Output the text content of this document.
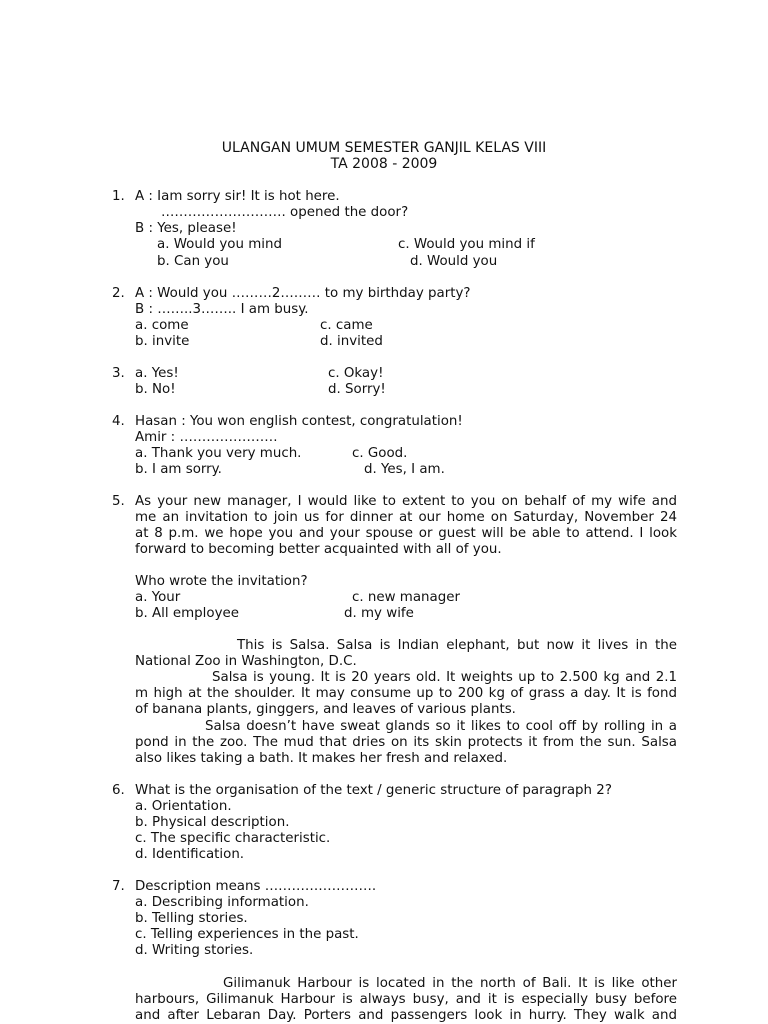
ULANGAN UMUM SEMESTER GANJIL KELAS VIII
TA 2008 - 2009
1. A : Iam sorry sir! It is hot here.
………………………. opened the door?
B : Yes, please!
a. Would you mind	c. Would you mind if
b. Can you	d. Would you
2. A : Would you ………2……… to my birthday party?
B : ……..3…….. I am busy.
a. come	c. came
b. invite	d. invited
3. a. Yes!	c. Okay!
b. No!	d. Sorry!
4. Hasan : You won english contest, congratulation!
Amir : ………………….
a. Thank you very much.	c. Good.
b. I am sorry.	d. Yes, I am.
5. As your new manager, I would like to extent to you on behalf of my wife and
me an invitation to join us for dinner at our home on Saturday, November 24
at 8 p.m. we hope you and your spouse or guest will be able to attend. I look
forward to becoming better acquainted with all of you.
Who wrote the invitation?
a. Your	c. new manager
b. All employee	d. my wife
This is Salsa. Salsa is Indian elephant, but now it lives in the
National Zoo in Washington, D.C.
Salsa is young. It is 20 years old. It weights up to 2.500 kg and 2.1
m high at the shoulder. It may consume up to 200 kg of grass a day. It is fond
of banana plants, ginggers, and leaves of various plants.
Salsa doesn’t have sweat glands so it likes to cool off by rolling in a
pond in the zoo. The mud that dries on its skin protects it from the sun. Salsa
also likes taking a bath. It makes her fresh and relaxed.
6. What is the organisation of the text / generic structure of paragraph 2?
a. Orientation.
b. Physical description.
c. The specific characteristic.
d. Identification.
7. Description means …………………….
a. Describing information.
b. Telling stories.
c. Telling experiences in the past.
d. Writing stories.
Gilimanuk Harbour is located in the north of Bali. It is like other
harbours, Gilimanuk Harbour is always busy, and it is especially busy before
and after Lebaran Day. Porters and passengers look in hurry. They walk and
